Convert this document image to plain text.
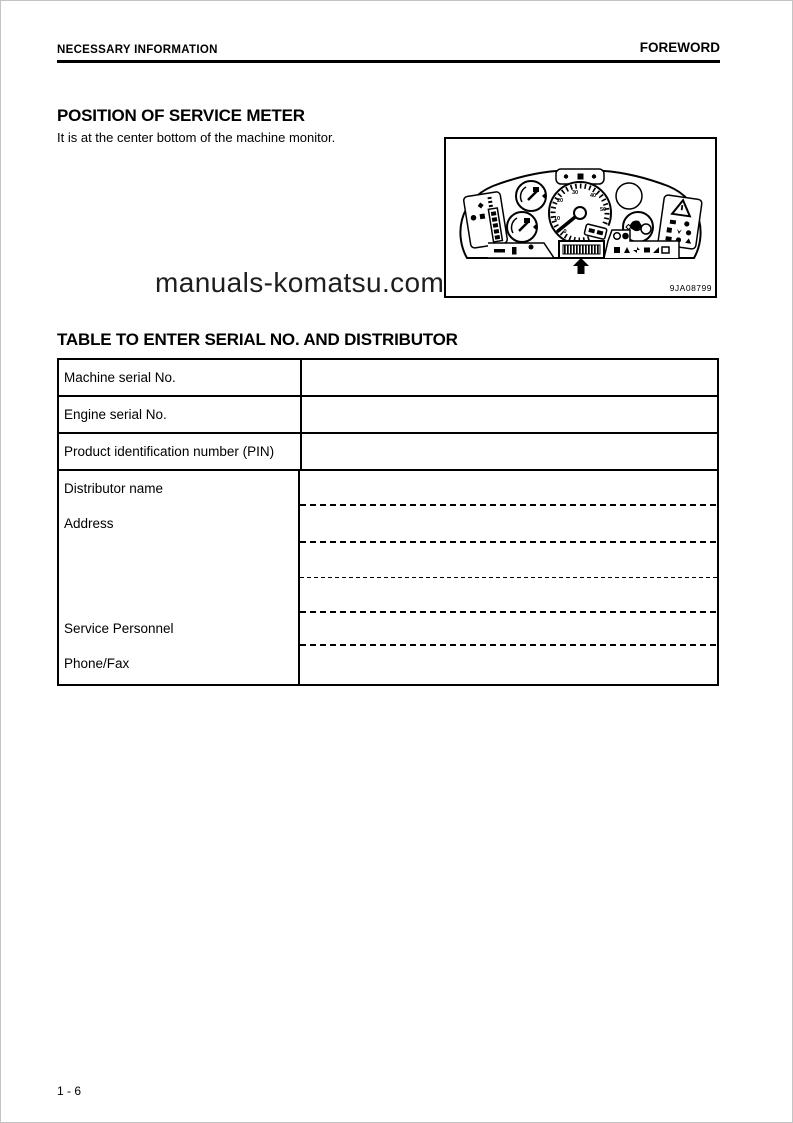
NECESSARY INFORMATION	FOREWORD
POSITION OF SERVICE METER
It is at the center bottom of the machine monitor.
0
10
20
30 40
50
9JA08799
manuals-komatsu.com
TABLE TO ENTER SERIAL NO. AND DISTRIBUTOR
Machine serial No.
Engine serial No.
Product identification number (PIN)
Distributor name
Address
Service Personnel
Phone/Fax
1 - 6
